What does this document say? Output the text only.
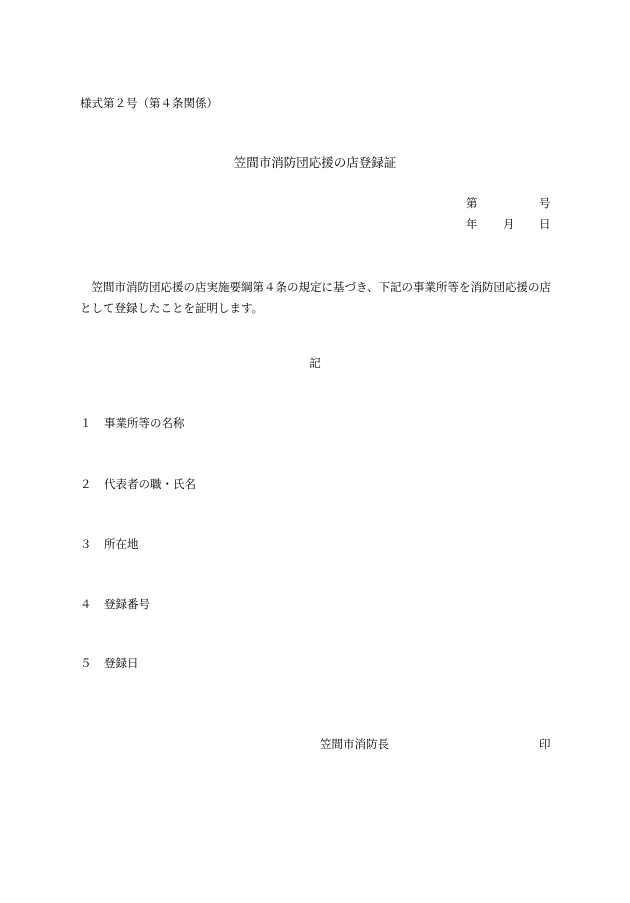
様式第２号（第４条関係）
笠間市消防団応援の店登録証
第	号
年 月 日
笠間市消防団応援の店実施要綱第４条の規定に基づき、下記の事業所等を消防団応援の店として登録したことを証明します。
記
１ 事業所等の名称
２ 代表者の職・氏名
３ 所在地
４ 登録番号
５ 登録日
笠間市消防長	印
